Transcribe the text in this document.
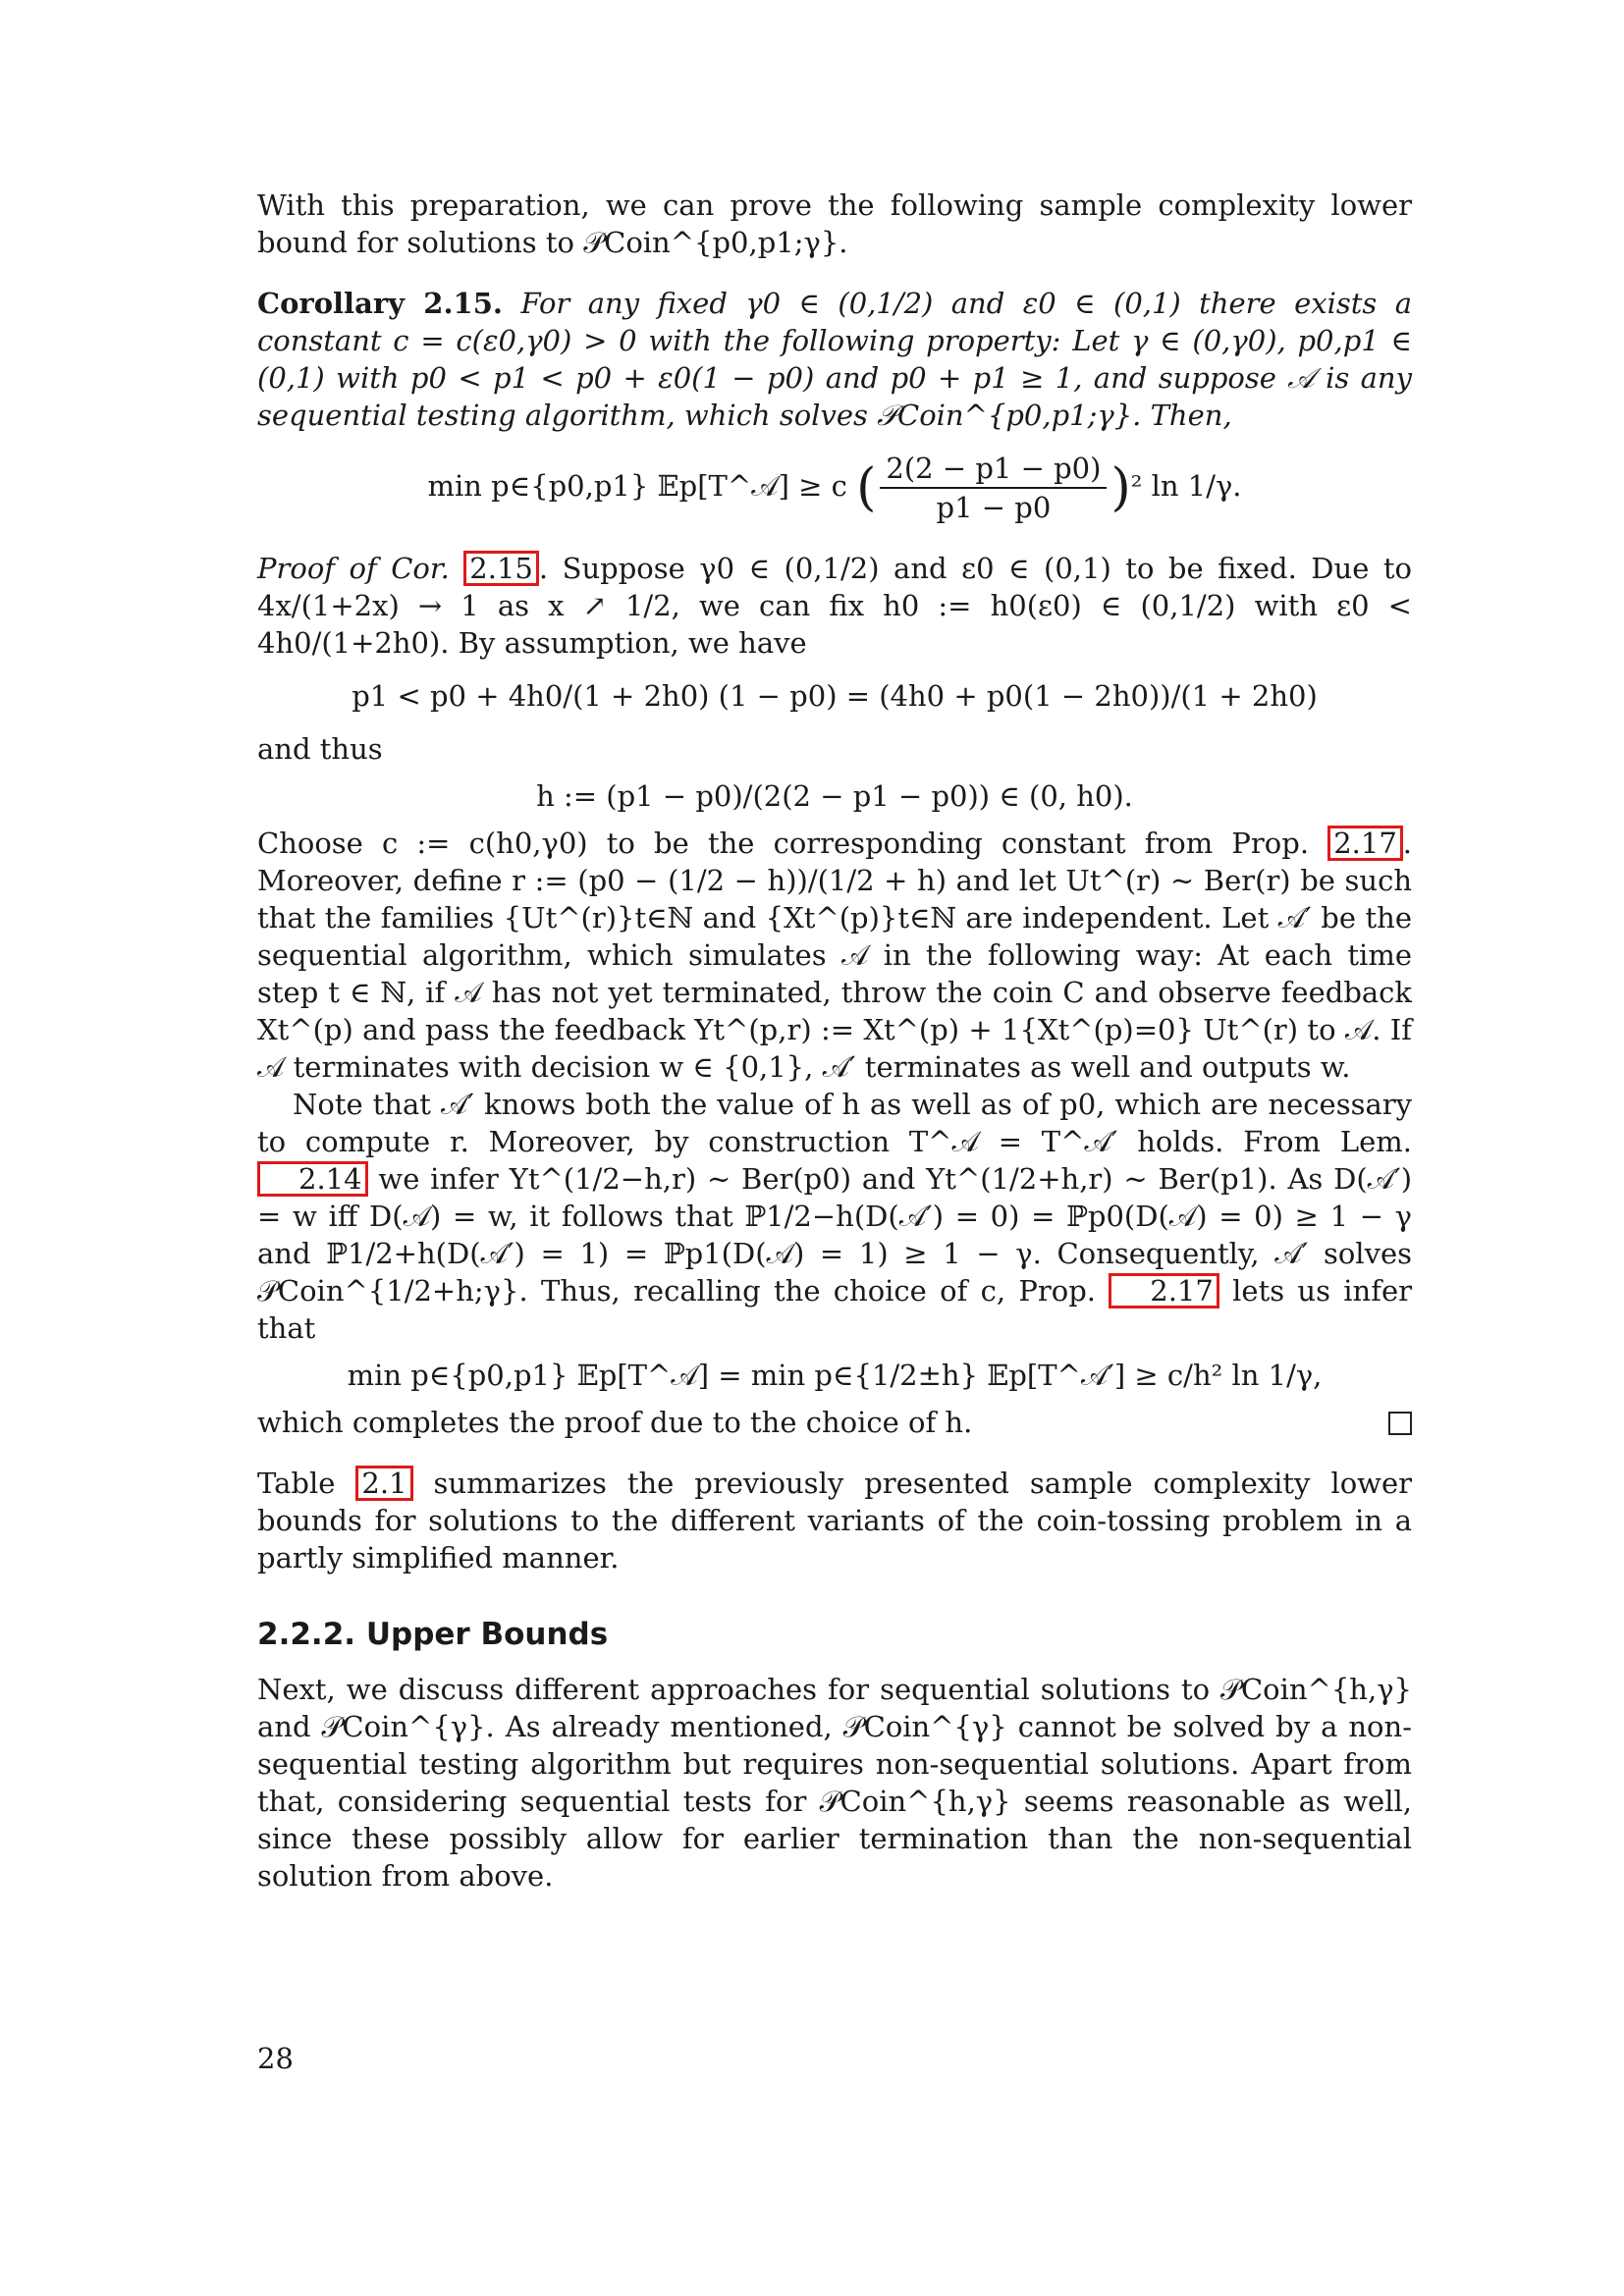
With this preparation, we can prove the following sample complexity lower bound for solutions to 𝒫Coin^{p0,p1;γ}.

Corollary 2.15. For any fixed γ0 ∈ (0,1/2) and ε0 ∈ (0,1) there exists a constant c = c(ε0,γ0) > 0 with the following property: Let γ ∈ (0,γ0), p0,p1 ∈ (0,1) with p0 < p1 < p0 + ε0(1 − p0) and p0 + p1 ≥ 1, and suppose 𝒜 is any sequential testing algorithm, which solves 𝒫Coin^{p0,p1;γ}. Then,

min p∈{p0,p1} 𝔼p[T^𝒜] ≥ c ( $\frac{2(2 - p1 - p0)}{p1 - p0} )^2$ ln 1/γ.

Proof of Cor. 2.15 . Suppose γ0 ∈ (0,1/2) and ε0 ∈ (0,1) to be fixed. Due to 4x/(1+2x) → 1 as x ↗ 1/2, we can fix h0 := h0(ε0) ∈ (0,1/2) with ε0 < 4h0/(1+2h0). By assumption, we have

p1 < p0 + 4h0/(1 + 2h0) (1 − p0) = (4h0 + p0(1 − 2h0))/(1 + 2h0)

and thus

h := (p1 − p0)/(2(2 − p1 − p0)) ∈ (0, h0).

Choose c := c(h0,γ0) to be the corresponding constant from Prop. 2.17 . Moreover, define r := (p0 − (1/2 − h))/(1/2 + h) and let Ut^(r) ∼ Ber(r) be such that the families {Ut^(r)}t∈ℕ and {Xt^(p)}t∈ℕ are independent. Let 𝒜′ be the sequential algorithm, which simulates 𝒜 in the following way: At each time step t ∈ ℕ, if 𝒜 has not yet terminated, throw the coin C and observe feedback Xt^(p) and pass the feedback Yt^(p,r) := Xt^(p) + 1{Xt^(p)=0} Ut^(r) to 𝒜. If 𝒜 terminates with decision w ∈ {0,1}, 𝒜′ terminates as well and outputs w.

Note that 𝒜′ knows both the value of h as well as of p0, which are necessary to compute r. Moreover, by construction T^𝒜 = T^𝒜′ holds. From Lem. 2.14 we infer Yt^(1/2−h,r) ∼ Ber(p0) and Yt^(1/2+h,r) ∼ Ber(p1). As D(𝒜′) = w iff D(𝒜) = w, it follows that ℙ1/2−h(D(𝒜′) = 0) = ℙp0(D(𝒜) = 0) ≥ 1 − γ and ℙ1/2+h(D(𝒜′) = 1) = ℙp1(D(𝒜) = 1) ≥ 1 − γ. Consequently, 𝒜′ solves 𝒫Coin^{1/2+h;γ}. Thus, recalling the choice of c, Prop. 2.17 lets us infer that

min p∈{p0,p1} 𝔼p[T^𝒜] = min p∈{1/2±h} 𝔼p[T^𝒜′] ≥ c/h² ln 1/γ,

which completes the proof due to the choice of h.

Table 2.1 summarizes the previously presented sample complexity lower bounds for solutions to the different variants of the coin-tossing problem in a partly simplified manner.

2.2.2. Upper Bounds

Next, we discuss different approaches for sequential solutions to 𝒫Coin^{h,γ} and 𝒫Coin^{γ}. As already mentioned, 𝒫Coin^{γ} cannot be solved by a non-sequential testing algorithm but requires non-sequential solutions. Apart from that, considering sequential tests for 𝒫Coin^{h,γ} seems reasonable as well, since these possibly allow for earlier termination than the non-sequential solution from above.

28
